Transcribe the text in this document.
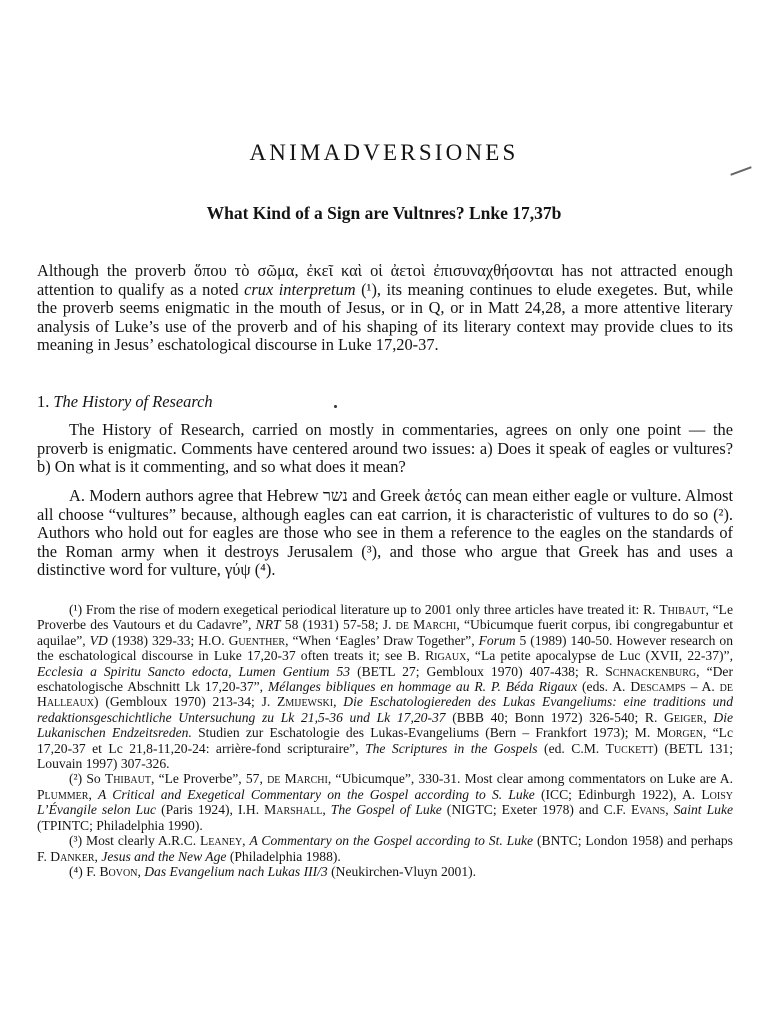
ANIMADVERSIONES
What Kind of a Sign are Vultnres? Lnke 17,37b

Although the proverb ὅπου τὸ σῶμα, ἐκεῖ καὶ οἱ ἀετοὶ ἐπισυναχθήσονται has not attracted enough attention to qualify as a noted crux interpretum (¹), its meaning continues to elude exegetes. But, while the proverb seems enigmatic in the mouth of Jesus, or in Q, or in Matt 24,28, a more attentive literary analysis of Luke’s use of the proverb and of his shaping of its literary context may provide clues to its meaning in Jesus’ eschatological discourse in Luke 17,20-37.

1. The History of Research

The History of Research, carried on mostly in commentaries, agrees on only one point — the proverb is enigmatic. Comments have centered around two issues: a) Does it speak of eagles or vultures? b) On what is it commenting, and so what does it mean?

A. Modern authors agree that Hebrew נשר and Greek ἀετός can mean either eagle or vulture. Almost all choose “vultures” because, although eagles can eat carrion, it is characteristic of vultures to do so (²). Authors who hold out for eagles are those who see in them a reference to the eagles on the standards of the Roman army when it destroys Jerusalem (³), and those who argue that Greek has and uses a distinctive word for vulture, γύψ (⁴).

(¹) From the rise of modern exegetical periodical literature up to 2001 only three articles have treated it: R. Thibaut, “Le Proverbe des Vautours et du Cadavre”, NRT 58 (1931) 57-58; J. de Marchi, “Ubicumque fuerit corpus, ibi congregabuntur et aquilae”, VD (1938) 329-33; H.O. Guenther, “When ‘Eagles’ Draw Together”, Forum 5 (1989) 140-50. However research on the eschatological discourse in Luke 17,20-37 often treats it; see B. Rigaux, “La petite apocalypse de Luc (XVII, 22-37)”, Ecclesia a Spiritu Sancto edocta, Lumen Gentium 53 (BETL 27; Gembloux 1970) 407-438; R. Schnackenburg, “Der eschatologische Abschnitt Lk 17,20-37”, Mélanges bibliques en hommage au R. P. Béda Rigaux (eds. A. Descamps – A. de Halleaux) (Gembloux 1970) 213-34; J. Zmijewski, Die Eschatologiereden des Lukas Evangeliums: eine traditions und redaktionsgeschichtliche Untersuchung zu Lk 21,5-36 und Lk 17,20-37 (BBB 40; Bonn 1972) 326-540; R. Geiger, Die Lukanischen Endzeitsreden. Studien zur Eschatologie des Lukas-Evangeliums (Bern – Frankfort 1973); M. Morgen, “Lc 17,20-37 et Lc 21,8-11,20-24: arrière-fond scripturaire”, The Scriptures in the Gospels (ed. C.M. Tuckett) (BETL 131; Louvain 1997) 307-326.

(²) So Thibaut, “Le Proverbe”, 57, de Marchi, “Ubicumque”, 330-31. Most clear among commentators on Luke are A. Plummer, A Critical and Exegetical Commentary on the Gospel according to S. Luke (ICC; Edinburgh 1922), A. Loisy L’Évangile selon Luc (Paris 1924), I.H. Marshall, The Gospel of Luke (NIGTC; Exeter 1978) and C.F. Evans, Saint Luke (TPINTC; Philadelphia 1990).

(³) Most clearly A.R.C. Leaney, A Commentary on the Gospel according to St. Luke (BNTC; London 1958) and perhaps F. Danker, Jesus and the New Age (Philadelphia 1988).

(⁴) F. Bovon, Das Evangelium nach Lukas III/3 (Neukirchen-Vluyn 2001).
